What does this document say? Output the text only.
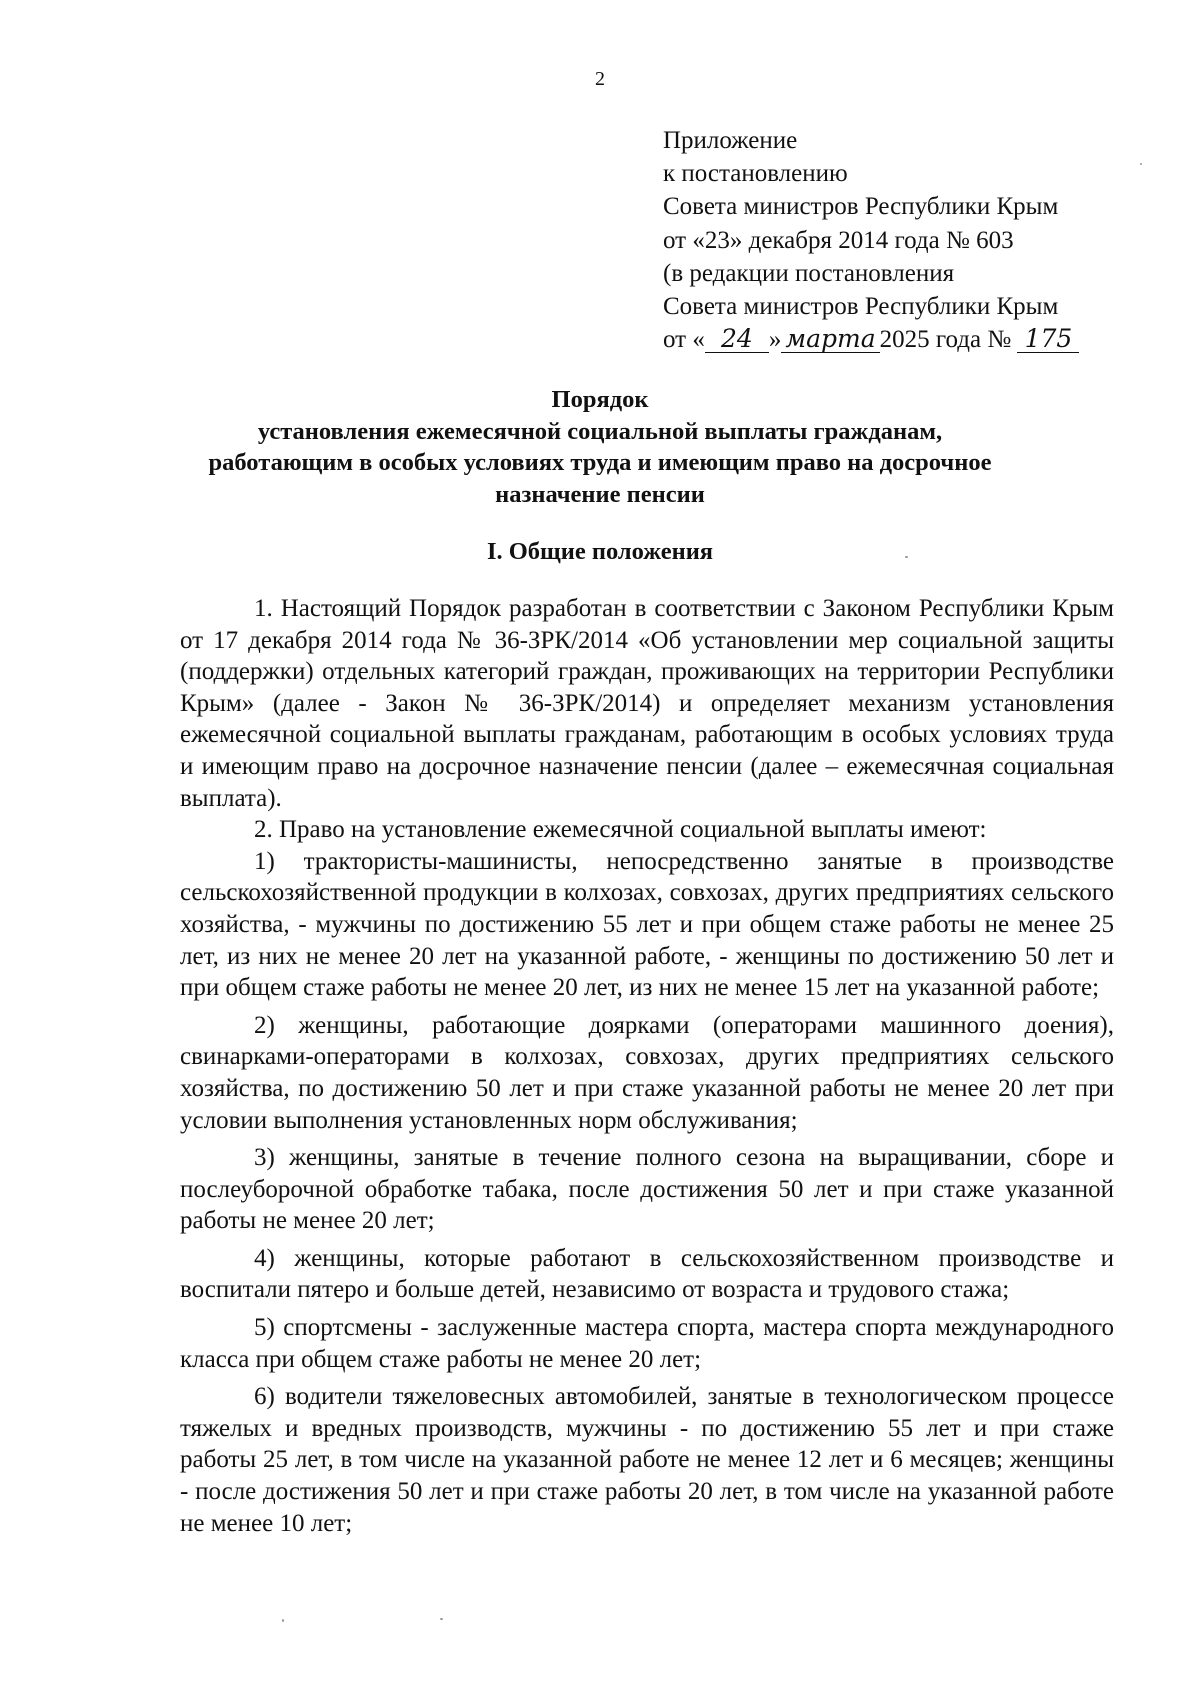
2
Приложение
к постановлению
Совета министров Республики Крым
от «23» декабря 2014 года № 603
(в редакции постановления
Совета министров Республики Крым
от « 24 » марта 2025 года № 175
Порядок
установления ежемесячной социальной выплаты гражданам,
работающим в особых условиях труда и имеющим право на досрочное
назначение пенсии
I. Общие положения

1. Настоящий Порядок разработан в соответствии с Законом Республики Крым от 17 декабря 2014 года № 36-ЗРК/2014 «Об установлении мер социальной защиты (поддержки) отдельных категорий граждан, проживающих на территории Республики Крым» (далее - Закон № 36-ЗРК/2014) и определяет механизм установления ежемесячной социальной выплаты гражданам, работающим в особых условиях труда и имеющим право на досрочное назначение пенсии (далее – ежемесячная социальная выплата).

2. Право на установление ежемесячной социальной выплаты имеют:

1) трактористы-машинисты, непосредственно занятые в производстве сельскохозяйственной продукции в колхозах, совхозах, других предприятиях сельского хозяйства, - мужчины по достижению 55 лет и при общем стаже работы не менее 25 лет, из них не менее 20 лет на указанной работе, - женщины по достижению 50 лет и при общем стаже работы не менее 20 лет, из них не менее 15 лет на указанной работе;

2) женщины, работающие доярками (операторами машинного доения), свинарками-операторами в колхозах, совхозах, других предприятиях сельского хозяйства, по достижению 50 лет и при стаже указанной работы не менее 20 лет при условии выполнения установленных норм обслуживания;

3) женщины, занятые в течение полного сезона на выращивании, сборе и послеуборочной обработке табака, после достижения 50 лет и при стаже указанной работы не менее 20 лет;

4) женщины, которые работают в сельскохозяйственном производстве и воспитали пятеро и больше детей, независимо от возраста и трудового стажа;

5) спортсмены - заслуженные мастера спорта, мастера спорта международного класса при общем стаже работы не менее 20 лет;

6) водители тяжеловесных автомобилей, занятые в технологическом процессе тяжелых и вредных производств, мужчины - по достижению 55 лет и при стаже работы 25 лет, в том числе на указанной работе не менее 12 лет и 6 месяцев; женщины - после достижения 50 лет и при стаже работы 20 лет, в том числе на указанной работе не менее 10 лет;
